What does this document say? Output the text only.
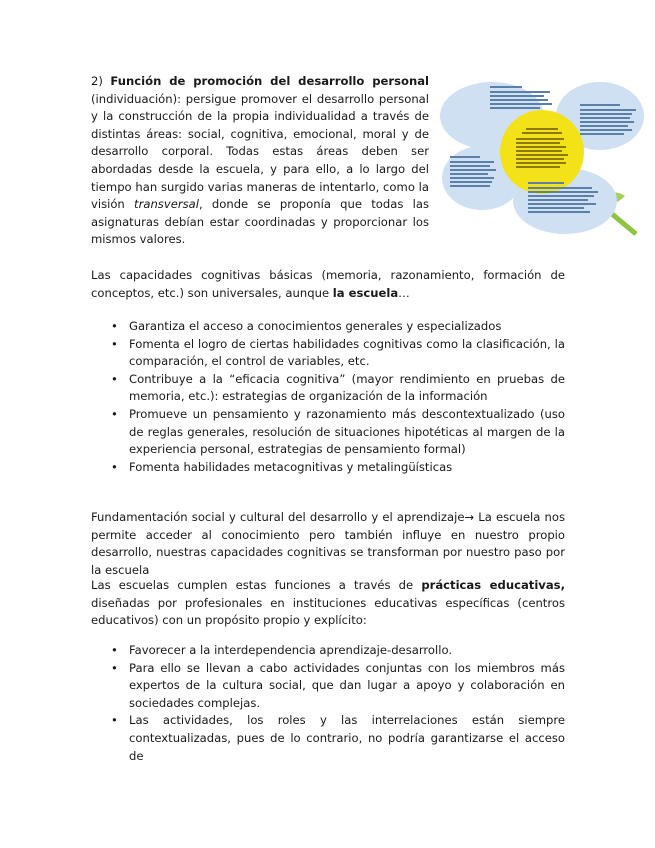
2) Función de promoción del desarrollo personal (individuación): persigue promover el desarrollo personal y la construcción de la propia individualidad a través de distintas áreas: social, cognitiva, emocional, moral y de desarrollo corporal. Todas estas áreas deben ser abordadas desde la escuela, y para ello, a lo largo del tiempo han surgido varias maneras de intentarlo, como la visión transversal, donde se proponía que todas las asignaturas debían estar coordinadas y proporcionar los mismos valores.

Las capacidades cognitivas básicas (memoria, razonamiento, formación de conceptos, etc.) son universales, aunque la escuela…

• Garantiza el acceso a conocimientos generales y especializados
• Fomenta el logro de ciertas habilidades cognitivas como la clasificación, la comparación, el control de variables, etc.
• Contribuye a la “eficacia cognitiva” (mayor rendimiento en pruebas de memoria, etc.): estrategias de organización de la información
• Promueve un pensamiento y razonamiento más descontextualizado (uso de reglas generales, resolución de situaciones hipotéticas al margen de la experiencia personal, estrategias de pensamiento formal)
• Fomenta habilidades metacognitivas y metalingüísticas

Fundamentación social y cultural del desarrollo y el aprendizaje→ La escuela nos permite acceder al conocimiento pero también influye en nuestro propio desarrollo, nuestras capacidades cognitivas se transforman por nuestro paso por la escuela

Las escuelas cumplen estas funciones a través de prácticas educativas, diseñadas por profesionales en instituciones educativas específicas (centros educativos) con un propósito propio y explícito:

• Favorecer a la interdependencia aprendizaje-desarrollo.
• Para ello se llevan a cabo actividades conjuntas con los miembros más expertos de la cultura social, que dan lugar a apoyo y colaboración en sociedades complejas.
• Las actividades, los roles y las interrelaciones están siempre contextualizadas, pues de lo contrario, no podría garantizarse el acceso de
